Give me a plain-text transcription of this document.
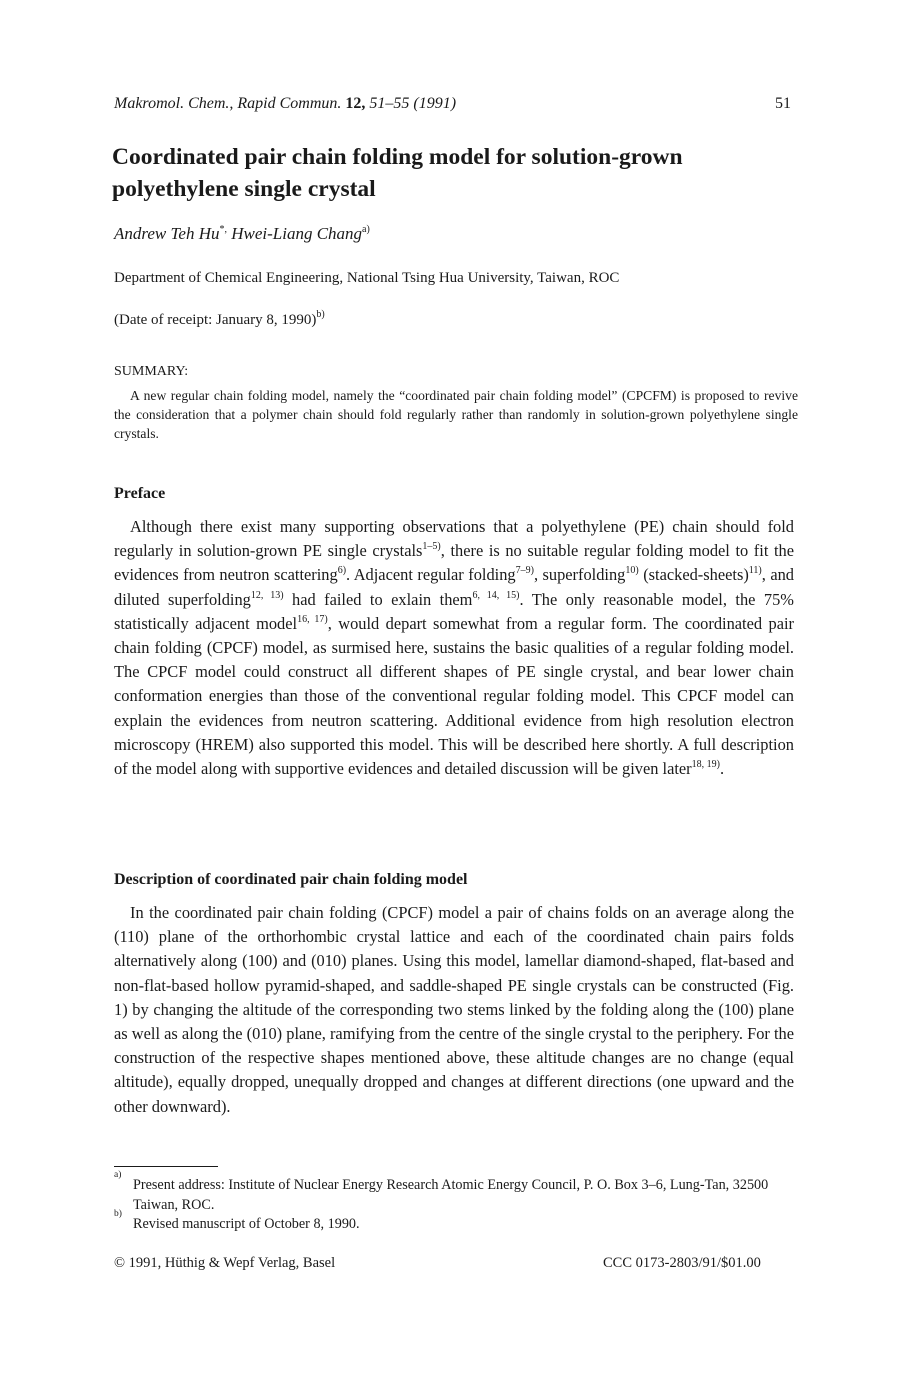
Makromol. Chem., Rapid Commun. 12, 51–55 (1991)	51
Coordinated pair chain folding model for solution-grown polyethylene single crystal
Andrew Teh Hu*, Hwei-Liang Chang$^{a)}$
Department of Chemical Engineering, National Tsing Hua University, Taiwan, ROC
(Date of receipt: January 8, 1990)$^{b)}$
SUMMARY:
A new regular chain folding model, namely the “coordinated pair chain folding model” (CPCFM) is proposed to revive the consideration that a polymer chain should fold regularly rather than randomly in solution-grown polyethylene single crystals.
Preface
Although there exist many supporting observations that a polyethylene (PE) chain should fold regularly in solution-grown PE single crystals$^{1-5)}$, there is no suitable regular folding model to fit the evidences from neutron scattering$^{6)}$. Adjacent regular folding$^{7-9)}$, superfolding$^{10)}$ (stacked-sheets)$^{11)}$, and diluted superfolding$^{12, 13)}$ had failed to exlain them$^{6, 14, 15)}$. The only reasonable model, the 75% statistically adjacent model$^{16, 17)}$, would depart somewhat from a regular form. The coordinated pair chain folding (CPCF) model, as surmised here, sustains the basic qualities of a regular folding model. The CPCF model could construct all different shapes of PE single crystal, and bear lower chain conformation energies than those of the conventional regular folding model. This CPCF model can explain the evidences from neutron scattering. Additional evidence from high resolution electron microscopy (HREM) also supported this model. This will be described here shortly. A full description of the model along with supportive evidences and detailed discussion will be given later$^{18, 19)}$.
Description of coordinated pair chain folding model
In the coordinated pair chain folding (CPCF) model a pair of chains folds on an average along the (110) plane of the orthorhombic crystal lattice and each of the coordinated chain pairs folds alternatively along (100) and (010) planes. Using this model, lamellar diamond-shaped, flat-based and non-flat-based hollow pyramid-shaped, and saddle-shaped PE single crystals can be constructed (Fig. 1) by changing the altitude of the corresponding two stems linked by the folding along the (100) plane as well as along the (010) plane, ramifying from the centre of the single crystal to the periphery. For the construction of the respective shapes mentioned above, these altitude changes are no change (equal altitude), equally dropped, unequally dropped and changes at different directions (one upward and the other downward).
a)
Present address: Institute of Nuclear Energy Research Atomic Energy Council, P. O. Box 3–6, Lung-Tan, 32500 Taiwan, ROC.
b)
Revised manuscript of October 8, 1990.
© 1991, Hüthig & Wepf Verlag, Basel	CCC 0173-2803/91/$01.00
